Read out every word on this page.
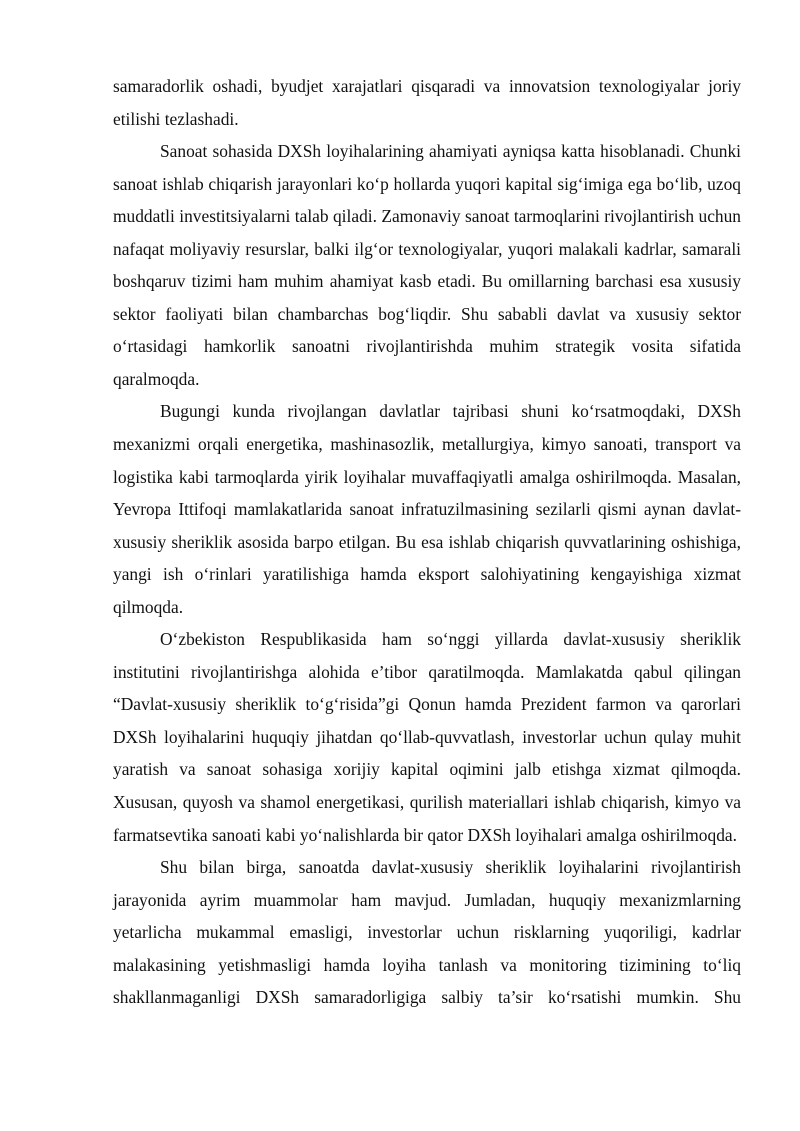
samaradorlik oshadi, byudjet xarajatlari qisqaradi va innovatsion texnologiyalar joriy etilishi tezlashadi.

Sanoat sohasida DXSh loyihalarining ahamiyati ayniqsa katta hisoblanadi. Chunki sanoat ishlab chiqarish jarayonlari ko‘p hollarda yuqori kapital sig‘imiga ega bo‘lib, uzoq muddatli investitsiyalarni talab qiladi. Zamonaviy sanoat tarmoqlarini rivojlantirish uchun nafaqat moliyaviy resurslar, balki ilg‘or texnologiyalar, yuqori malakali kadrlar, samarali boshqaruv tizimi ham muhim ahamiyat kasb etadi. Bu omillarning barchasi esa xususiy sektor faoliyati bilan chambarchas bog‘liqdir. Shu sababli davlat va xususiy sektor o‘rtasidagi hamkorlik sanoatni rivojlantirishda muhim strategik vosita sifatida qaralmoqda.

Bugungi kunda rivojlangan davlatlar tajribasi shuni ko‘rsatmoqdaki, DXSh mexanizmi orqali energetika, mashinasozlik, metallurgiya, kimyo sanoati, transport va logistika kabi tarmoqlarda yirik loyihalar muvaffaqiyatli amalga oshirilmoqda. Masalan, Yevropa Ittifoqi mamlakatlarida sanoat infratuzilmasining sezilarli qismi aynan davlat-xususiy sheriklik asosida barpo etilgan. Bu esa ishlab chiqarish quvvatlarining oshishiga, yangi ish o‘rinlari yaratilishiga hamda eksport salohiyatining kengayishiga xizmat qilmoqda.

O‘zbekiston Respublikasida ham so‘nggi yillarda davlat-xususiy sheriklik institutini rivojlantirishga alohida e’tibor qaratilmoqda. Mamlakatda qabul qilingan “Davlat-xususiy sheriklik to‘g‘risida”gi Qonun hamda Prezident farmon va qarorlari DXSh loyihalarini huquqiy jihatdan qo‘llab-quvvatlash, investorlar uchun qulay muhit yaratish va sanoat sohasiga xorijiy kapital oqimini jalb etishga xizmat qilmoqda. Xususan, quyosh va shamol energetikasi, qurilish materiallari ishlab chiqarish, kimyo va farmatsevtika sanoati kabi yo‘nalishlarda bir qator DXSh loyihalari amalga oshirilmoqda.

Shu bilan birga, sanoatda davlat-xususiy sheriklik loyihalarini rivojlantirish jarayonida ayrim muammolar ham mavjud. Jumladan, huquqiy mexanizmlarning yetarlicha mukammal emasligi, investorlar uchun risklarning yuqoriligi, kadrlar malakasining yetishmasligi hamda loyiha tanlash va monitoring tizimining to‘liq shakllanmaganligi DXSh samaradorligiga salbiy ta’sir ko‘rsatishi mumkin. Shu
